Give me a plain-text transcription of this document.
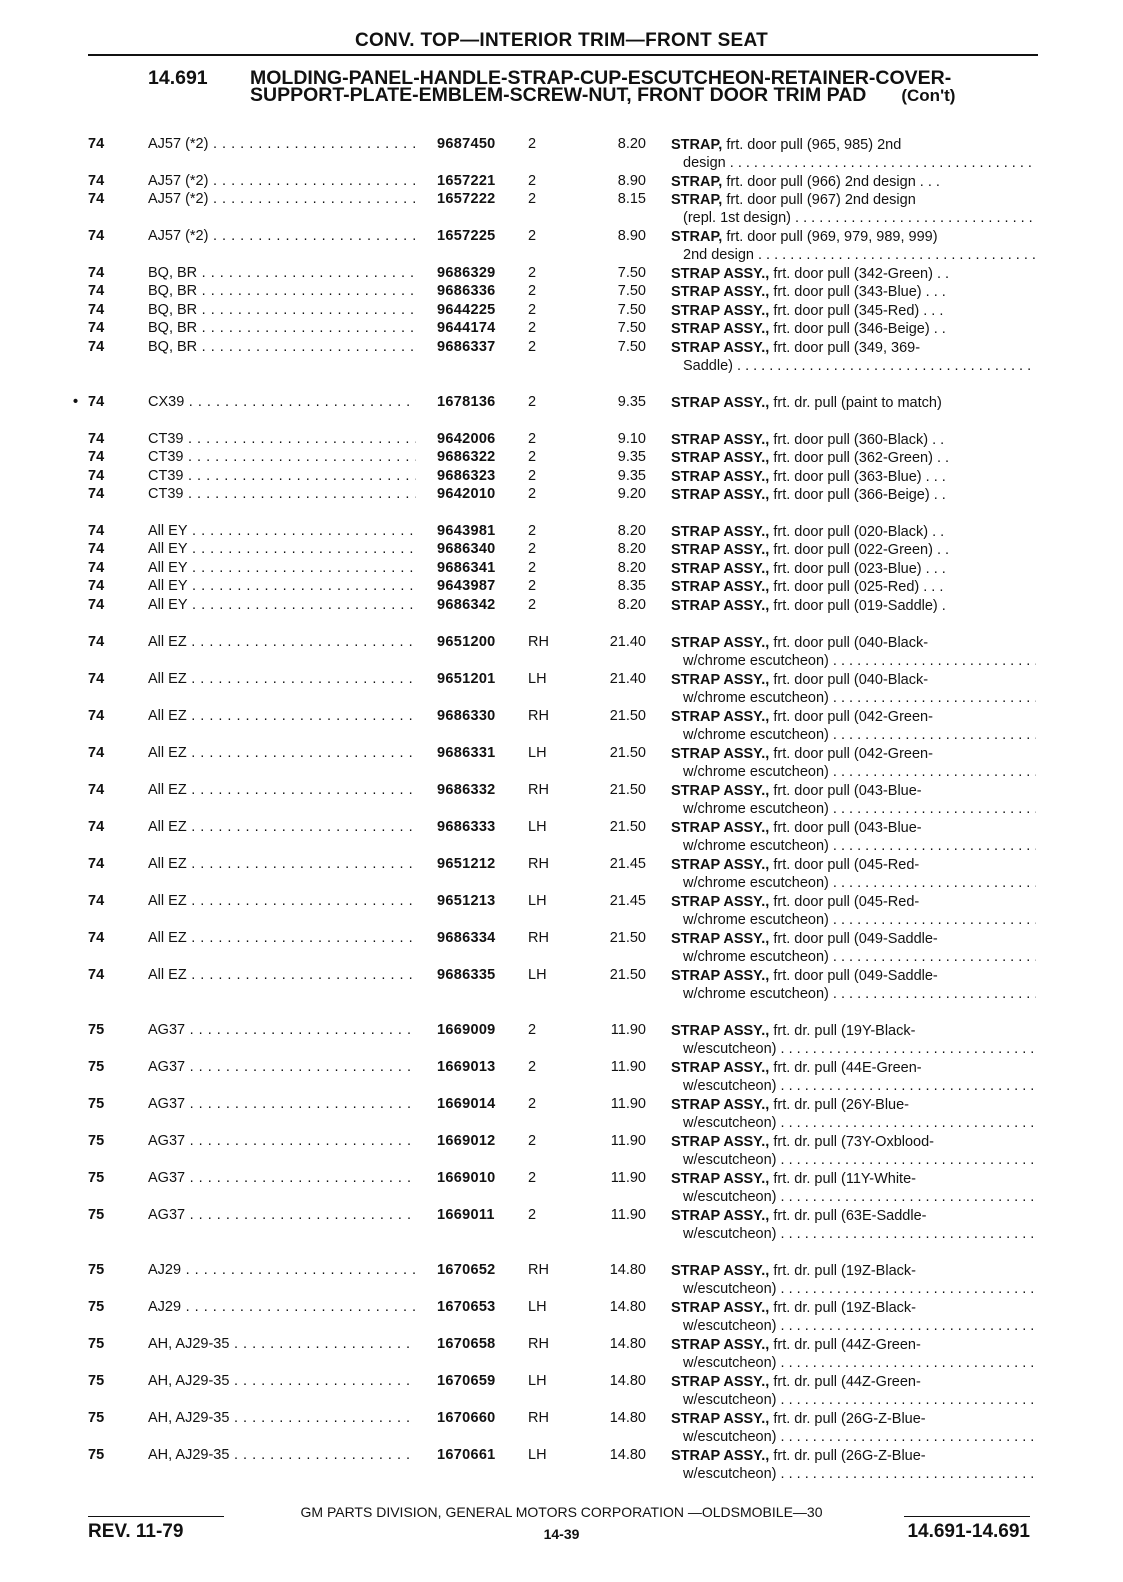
CONV. TOP—INTERIOR TRIM—FRONT SEAT
14.691 MOLDING-PANEL-HANDLE-STRAP-CUP-ESCUTCHEON-RETAINER-COVER-SUPPORT-PLATE-EMBLEM-SCREW-NUT, FRONT DOOR TRIM PAD (Con't)
74	AJ57 (*2) . . .	9687450 2	8.20 STRAP, frt. door pull (965, 985) 2nd
design . . .
74	AJ57 (*2) . . .	1657221 2	8.90 STRAP, frt. door pull (966) 2nd design . . .
74	AJ57 (*2) . . .	1657222 2	8.15 STRAP, frt. door pull (967) 2nd design
(repl. 1st design) . . .
74	AJ57 (*2) . . .	1657225 2	8.90 STRAP, frt. door pull (969, 979, 989, 999)
2nd design . . .
74	BQ, BR . . .	9686329 2	7.50 STRAP ASSY., frt. door pull (342-Green) . .
74	BQ, BR . . .	9686336 2	7.50 STRAP ASSY., frt. door pull (343-Blue) . . .
74	BQ, BR . . .	9644225 2	7.50 STRAP ASSY., frt. door pull (345-Red) . . .
74	BQ, BR . . .	9644174 2	7.50 STRAP ASSY., frt. door pull (346-Beige) . .
74	BQ, BR . . .	9686337 2	7.50 STRAP ASSY., frt. door pull (349, 369-
Saddle) . . .
• 74	CX39 . . .	1678136 2	9.35 STRAP ASSY., frt. dr. pull (paint to match)
74	CT39 . . .	9642006 2	9.10 STRAP ASSY., frt. door pull (360-Black) . .
74	CT39 . . .	9686322 2	9.35 STRAP ASSY., frt. door pull (362-Green) . .
74	CT39 . . .	9686323 2	9.35 STRAP ASSY., frt. door pull (363-Blue) . . .
74	CT39 . . .	9642010 2	9.20 STRAP ASSY., frt. door pull (366-Beige) . .
74	All EY . . .	9643981 2	8.20 STRAP ASSY., frt. door pull (020-Black) . .
74	All EY . . .	9686340 2	8.20 STRAP ASSY., frt. door pull (022-Green) . .
74	All EY . . .	9686341 2	8.20 STRAP ASSY., frt. door pull (023-Blue) . . .
74	All EY . . .	9643987 2	8.35 STRAP ASSY., frt. door pull (025-Red) . . .
74	All EY . . .	9686342 2	8.20 STRAP ASSY., frt. door pull (019-Saddle) .
74	All EZ . . .	9651200 RH	21.40 STRAP ASSY., frt. door pull (040-Black-
w/chrome escutcheon) . . .
74	All EZ . . .	9651201 LH	21.40 STRAP ASSY., frt. door pull (040-Black-
w/chrome escutcheon) . . .
74	All EZ . . .	9686330 RH	21.50 STRAP ASSY., frt. door pull (042-Green-
w/chrome escutcheon) . . .
74	All EZ . . .	9686331 LH	21.50 STRAP ASSY., frt. door pull (042-Green-
w/chrome escutcheon) . . .
74	All EZ . . .	9686332 RH	21.50 STRAP ASSY., frt. door pull (043-Blue-
w/chrome escutcheon) . . .
74	All EZ . . .	9686333 LH	21.50 STRAP ASSY., frt. door pull (043-Blue-
w/chrome escutcheon) . . .
74	All EZ . . .	9651212 RH	21.45 STRAP ASSY., frt. door pull (045-Red-
w/chrome escutcheon) . . .
74	All EZ . . .	9651213 LH	21.45 STRAP ASSY., frt. door pull (045-Red-
w/chrome escutcheon) . . .
74	All EZ . . .	9686334 RH	21.50 STRAP ASSY., frt. door pull (049-Saddle-
w/chrome escutcheon) . . .
74	All EZ . . .	9686335 LH	21.50 STRAP ASSY., frt. door pull (049-Saddle-
w/chrome escutcheon) . . .
75	AG37 . . .	1669009 2	11.90 STRAP ASSY., frt. dr. pull (19Y-Black-
w/escutcheon) . . .
75	AG37 . . .	1669013 2	11.90 STRAP ASSY., frt. dr. pull (44E-Green-
w/escutcheon) . . .
75	AG37 . . .	1669014 2	11.90 STRAP ASSY., frt. dr. pull (26Y-Blue-
w/escutcheon) . . .
75	AG37 . . .	1669012 2	11.90 STRAP ASSY., frt. dr. pull (73Y-Oxblood-
w/escutcheon) . . .
75	AG37 . . .	1669010 2	11.90 STRAP ASSY., frt. dr. pull (11Y-White-
w/escutcheon) . . .
75	AG37 . . .	1669011 2	11.90 STRAP ASSY., frt. dr. pull (63E-Saddle-
w/escutcheon) . . .
75	AJ29 . . .	1670652 RH	14.80 STRAP ASSY., frt. dr. pull (19Z-Black-
w/escutcheon) . . .
75	AJ29 . . .	1670653 LH	14.80 STRAP ASSY., frt. dr. pull (19Z-Black-
w/escutcheon) . . .
75	AH, AJ29-35 . . .	1670658 RH	14.80 STRAP ASSY., frt. dr. pull (44Z-Green-
w/escutcheon) . . .
75	AH, AJ29-35 . . .	1670659 LH	14.80 STRAP ASSY., frt. dr. pull (44Z-Green-
w/escutcheon) . . .
75	AH, AJ29-35 . . .	1670660 RH	14.80 STRAP ASSY., frt. dr. pull (26G-Z-Blue-
w/escutcheon) . . .
75	AH, AJ29-35 . . .	1670661 LH	14.80 STRAP ASSY., frt. dr. pull (26G-Z-Blue-
w/escutcheon) . . .
GM PARTS DIVISION, GENERAL MOTORS CORPORATION —OLDSMOBILE—30
REV. 11-79	14-39	14.691-14.691
